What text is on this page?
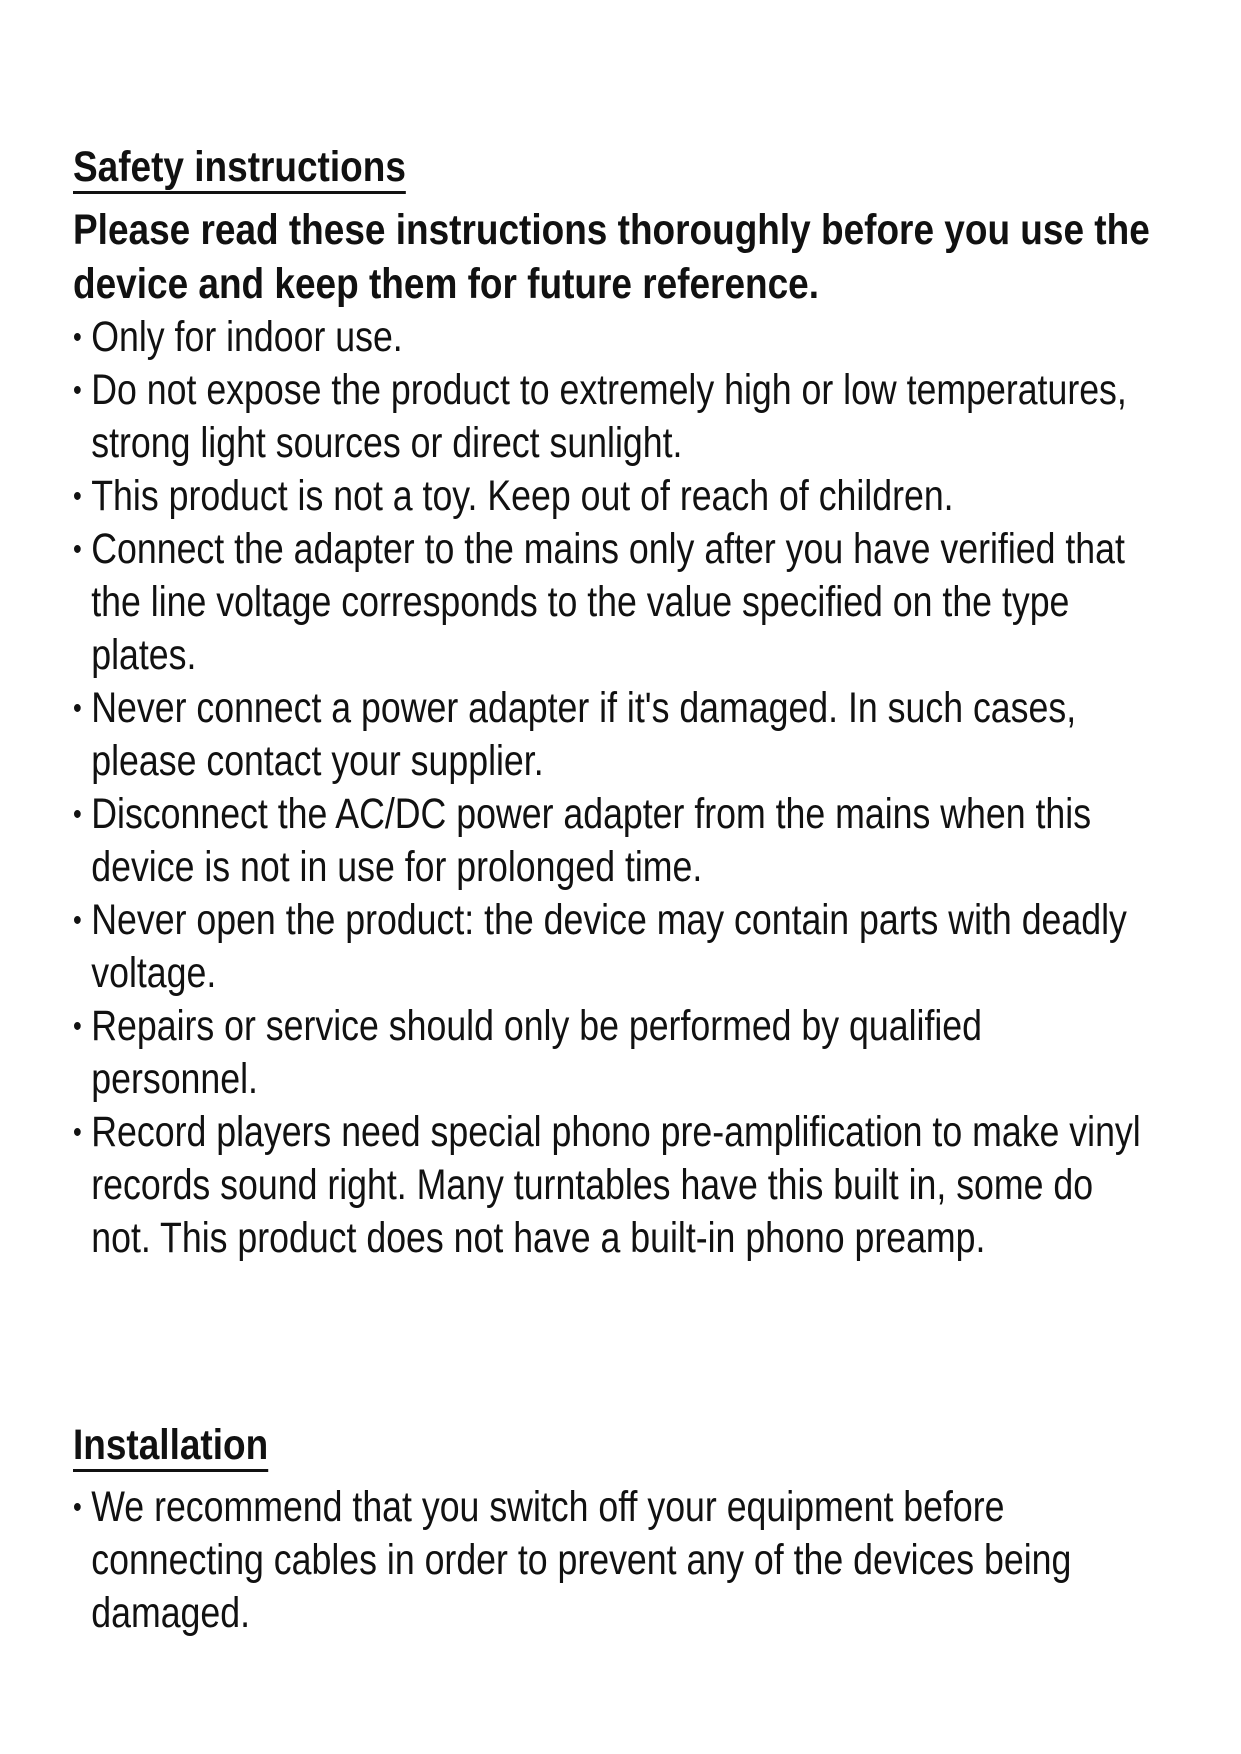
Safety instructions

Please read these instructions thoroughly before you use the device and keep them for future reference.

• Only for indoor use.
• Do not expose the product to extremely high or low temperatures, strong light sources or direct sunlight.
• This product is not a toy. Keep out of reach of children.
• Connect the adapter to the mains only after you have verified that the line voltage corresponds to the value specified on the type plates.
• Never connect a power adapter if it's damaged. In such cases, please contact your supplier.
• Disconnect the AC/DC power adapter from the mains when this device is not in use for prolonged time.
• Never open the product: the device may contain parts with deadly voltage.
• Repairs or service should only be performed by qualified personnel.
• Record players need special phono pre-amplification to make vinyl records sound right. Many turntables have this built in, some do not. This product does not have a built-in phono preamp.
Installation
• We recommend that you switch off your equipment before connecting cables in order to prevent any of the devices being damaged.
